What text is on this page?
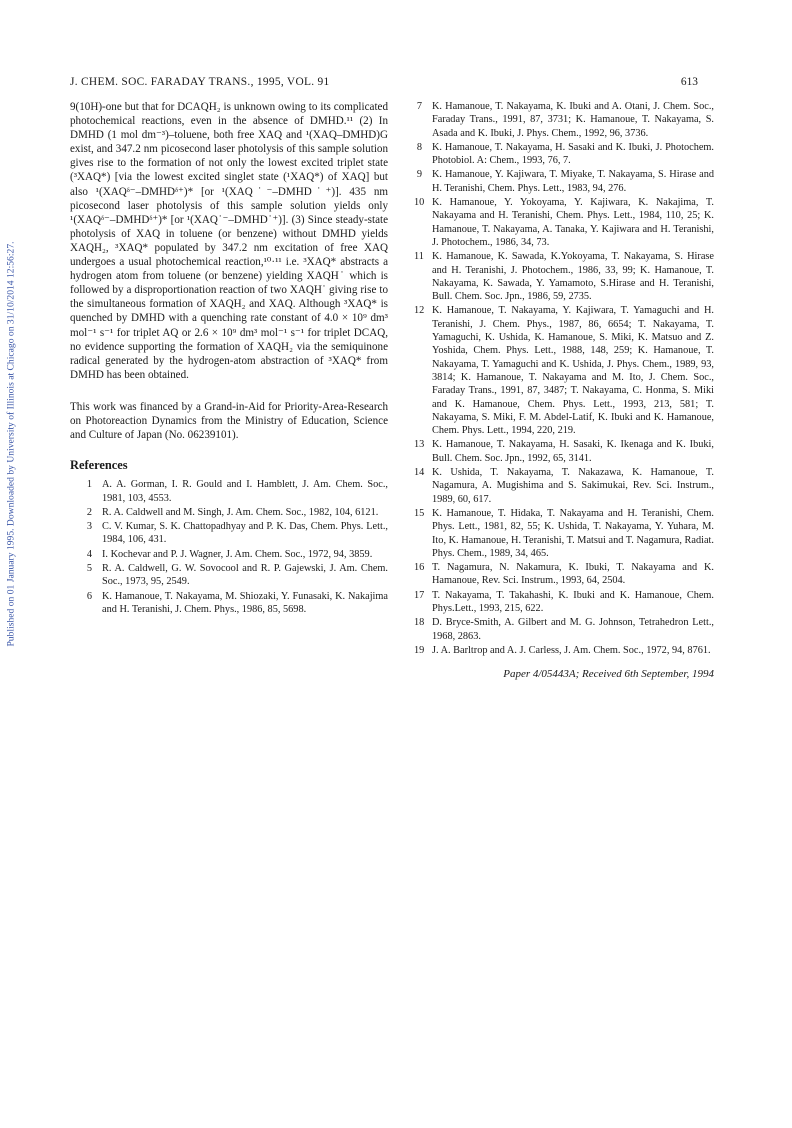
Published on 01 January 1995. Downloaded by University of Illinois at Chicago on 31/10/2014 12:56:27.
J. CHEM. SOC. FARADAY TRANS., 1995, VOL. 91	613

9(10H)-one but that for DCAQH₂ is unknown owing to its complicated photochemical reactions, even in the absence of DMHD.¹¹ (2) In DMHD (1 mol dm⁻³)–toluene, both free XAQ and ¹(XAQ–DMHD)G exist, and 347.2 nm picosecond laser photolysis of this sample solution gives rise to the formation of not only the lowest excited triplet state (³XAQ*) [via the lowest excited singlet state (¹XAQ*) of XAQ] but also ¹(XAQᵟ⁻–DMHDᵟ⁺)* [or ¹(XAQ˙⁻–DMHD˙⁺)]. 435 nm picosecond laser photolysis of this sample solution yields only ¹(XAQᵟ⁻–DMHDᵟ⁺)* [or ¹(XAQ˙⁻–DMHD˙⁺)]. (3) Since steady-state photolysis of XAQ in toluene (or benzene) without DMHD yields XAQH₂, ³XAQ* populated by 347.2 nm excitation of free XAQ undergoes a usual photochemical reaction,¹⁰·¹¹ i.e. ³XAQ* abstracts a hydrogen atom from toluene (or benzene) yielding XAQH˙ which is followed by a disproportionation reaction of two XAQH˙ giving rise to the simultaneous formation of XAQH₂ and XAQ. Although ³XAQ* is quenched by DMHD with a quenching rate constant of 4.0 × 10⁹ dm³ mol⁻¹ s⁻¹ for triplet AQ or 2.6 × 10⁹ dm³ mol⁻¹ s⁻¹ for triplet DCAQ, no evidence supporting the formation of XAQH₂ via the semiquinone radical generated by the hydrogen-atom abstraction of ³XAQ* from DMHD has been obtained.

This work was financed by a Grand-in-Aid for Priority-Area-Research on Photoreaction Dynamics from the Ministry of Education, Science and Culture of Japan (No. 06239101).

References
1 A. A. Gorman, I. R. Gould and I. Hamblett, J. Am. Chem. Soc., 1981, 103, 4553.
2 R. A. Caldwell and M. Singh, J. Am. Chem. Soc., 1982, 104, 6121.
3 C. V. Kumar, S. K. Chattopadhyay and P. K. Das, Chem. Phys. Lett., 1984, 106, 431.
4 I. Kochevar and P. J. Wagner, J. Am. Chem. Soc., 1972, 94, 3859.
5 R. A. Caldwell, G. W. Sovocool and R. P. Gajewski, J. Am. Chem. Soc., 1973, 95, 2549.
6 K. Hamanoue, T. Nakayama, M. Shiozaki, Y. Funasaki, K. Nakajima and H. Teranishi, J. Chem. Phys., 1986, 85, 5698.
7 K. Hamanoue, T. Nakayama, K. Ibuki and A. Otani, J. Chem. Soc., Faraday Trans., 1991, 87, 3731; K. Hamanoue, T. Nakayama, S. Asada and K. Ibuki, J. Phys. Chem., 1992, 96, 3736.
8 K. Hamanoue, T. Nakayama, H. Sasaki and K. Ibuki, J. Photochem. Photobiol. A: Chem., 1993, 76, 7.
9 K. Hamanoue, Y. Kajiwara, T. Miyake, T. Nakayama, S. Hirase and H. Teranishi, Chem. Phys. Lett., 1983, 94, 276.
10 K. Hamanoue, Y. Yokoyama, Y. Kajiwara, K. Nakajima, T. Nakayama and H. Teranishi, Chem. Phys. Lett., 1984, 110, 25; K. Hamanoue, T. Nakayama, A. Tanaka, Y. Kajiwara and H. Teranishi, J. Photochem., 1986, 34, 73.
11 K. Hamanoue, K. Sawada, K.Yokoyama, T. Nakayama, S. Hirase and H. Teranishi, J. Photochem., 1986, 33, 99; K. Hamanoue, T. Nakayama, K. Sawada, Y. Yamamoto, S.Hirase and H. Teranishi, Bull. Chem. Soc. Jpn., 1986, 59, 2735.
12 K. Hamanoue, T. Nakayama, Y. Kajiwara, T. Yamaguchi and H. Teranishi, J. Chem. Phys., 1987, 86, 6654; T. Nakayama, T. Yamaguchi, K. Ushida, K. Hamanoue, S. Miki, K. Matsuo and Z. Yoshida, Chem. Phys. Lett., 1988, 148, 259; K. Hamanoue, T. Nakayama, T. Yamaguchi and K. Ushida, J. Phys. Chem., 1989, 93, 3814; K. Hamanoue, T. Nakayama and M. Ito, J. Chem. Soc., Faraday Trans., 1991, 87, 3487; T. Nakayama, C. Honma, S. Miki and K. Hamanoue, Chem. Phys. Lett., 1993, 213, 581; T. Nakayama, S. Miki, F. M. Abdel-Latif, K. Ibuki and K. Hamanoue, Chem. Phys. Lett., 1994, 220, 219.
13 K. Hamanoue, T. Nakayama, H. Sasaki, K. Ikenaga and K. Ibuki, Bull. Chem. Soc. Jpn., 1992, 65, 3141.
14 K. Ushida, T. Nakayama, T. Nakazawa, K. Hamanoue, T. Nagamura, A. Mugishima and S. Sakimukai, Rev. Sci. Instrum., 1989, 60, 617.
15 K. Hamanoue, T. Hidaka, T. Nakayama and H. Teranishi, Chem. Phys. Lett., 1981, 82, 55; K. Ushida, T. Nakayama, Y. Yuhara, M. Ito, K. Hamanoue, H. Teranishi, T. Matsui and T. Nagamura, Radiat. Phys. Chem., 1989, 34, 465.
16 T. Nagamura, N. Nakamura, K. Ibuki, T. Nakayama and K. Hamanoue, Rev. Sci. Instrum., 1993, 64, 2504.
17 T. Nakayama, T. Takahashi, K. Ibuki and K. Hamanoue, Chem. Phys.Lett., 1993, 215, 622.
18 D. Bryce-Smith, A. Gilbert and M. G. Johnson, Tetrahedron Lett., 1968, 2863.
19 J. A. Barltrop and A. J. Carless, J. Am. Chem. Soc., 1972, 94, 8761.
Paper 4/05443A; Received 6th September, 1994
